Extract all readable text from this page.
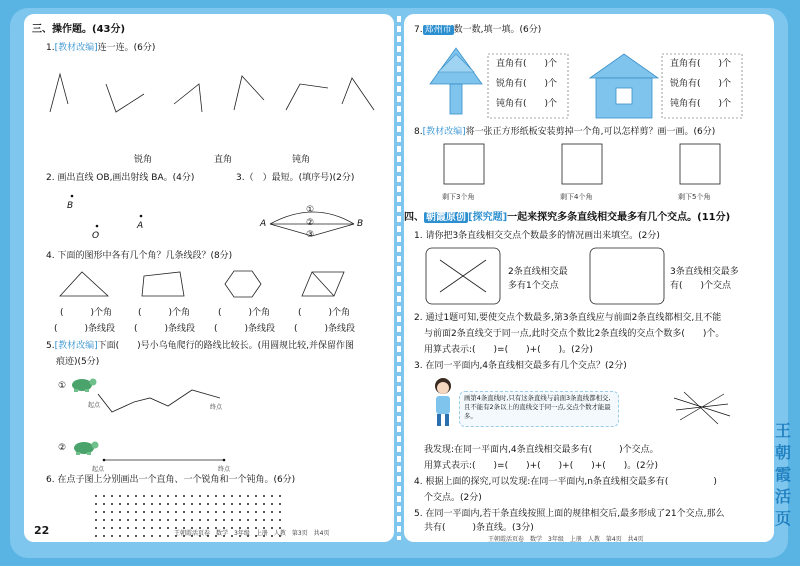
三、操作题。(43分)
1.[教材改编]连一连。(6分)
锐角	直角	钝角
2. 画出直线 OB,画出射线 BA。(4分)
B
O
A
3.（　）最短。(填序号)(2分)
A	B
①
②
③
4. 下面的图形中各有几个角？几条线段？(8分)
(　　　)个角	(　　　)个角	(　　　)个角	(　　　)个角
(　　　)条线段 (　　　)条线段 (　　　)条线段 (　　　)条线段
5.[教材改编]下面(　　)号小乌龟爬行的路线比较长。(用圆规比较,并保留作图
痕迹)(5分)
①
起点	终点
②
起点	终点
6. 在点子图上分别画出一个直角、一个锐角和一个钝角。(6分)
22	王朝霞活页卷　数学　3年级　上册　人教　第3页　共4页
7. 郑州市 数一数,填一填。(6分)
直角有(　　)个
锐角有(　　)个
钝角有(　　)个
直角有(　　)个
锐角有(　　)个
钝角有(　　)个
8.[教材改编]将一张正方形纸板安装剪掉一个角,可以怎样剪？画一画。(6分)
剩下3个角	剩下4个角	剩下5个角
四、 朝霞原创 [探究题]一起来探究多条直线相交最多有几个交点。(11分)
1. 请你把3条直线相交交点个数最多的情况画出来填空。(2分)
2条直线相交最
多有1个交点
3条直线相交最多
有(　　)个交点
2. 通过1题可知,要使交点个数最多,第3条直线应与前面2条直线都相交,且不能
与前面2条直线交于同一点,此时交点个数比2条直线的交点个数多(　　)个。
用算式表示:(　　)=(　　)+(　　)。(2分)
3. 在同一平面内,4条直线相交最多有几个交点？(2分)
画第4条直线时,只有这条直线与前面3条直线都相交,且不能有2条以上的直线交于同一点,交点个数才能最多。
我发现:在同一平面内,4条直线相交最多有(　　　)个交点。
用算式表示:(　　)=(　　)+(　　)+(　　)+(　　)。(2分)
4. 根据上面的探究,可以发现:在同一平面内,n条直线相交最多有(　　　　　)
个交点。(2分)
5. 在同一平面内,若干条直线按照上面的规律相交后,最多形成了21个交点,那么
共有(　　　)条直线。(3分)
王朝霞活页卷　数学　3年级　上册　人教　第4页　共4页
王
朝
霞
活
页
